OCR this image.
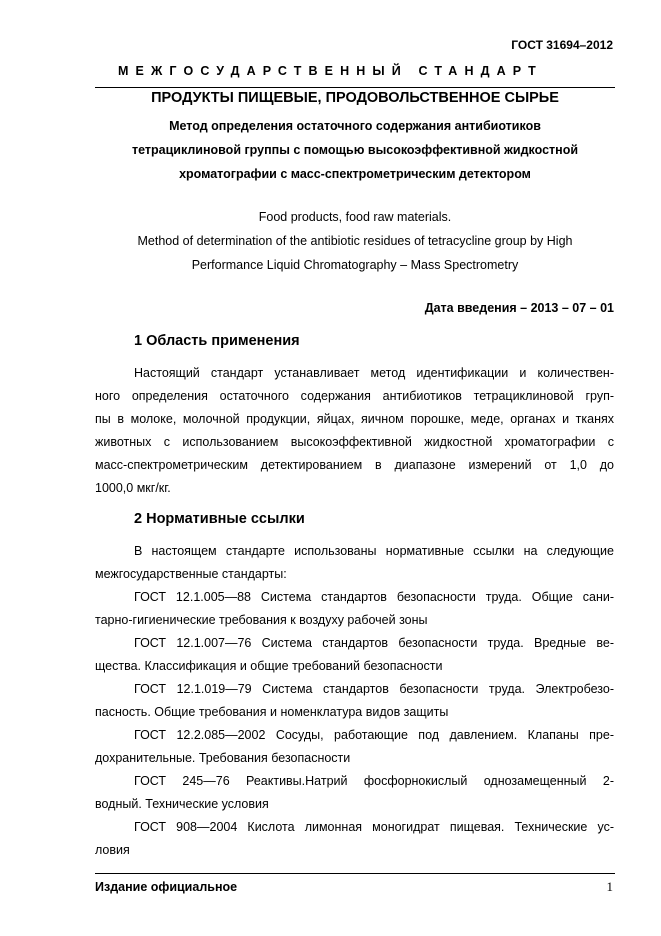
ГОСТ 31694–2012
МЕЖГОСУДАРСТВЕННЫЙ СТАНДАРТ
ПРОДУКТЫ ПИЩЕВЫЕ, ПРОДОВОЛЬСТВЕННОЕ СЫРЬЕ
Метод определения остаточного содержания антибиотиков
тетрациклиновой группы с помощью высокоэффективной жидкостной
хроматографии с масс-спектрометрическим детектором
Food products, food raw materials.
Method of determination of the antibiotic residues of tetracycline group by High
Performance Liquid Chromatography – Mass Spectrometry
Дата введения – 2013 – 07 – 01
1 Область применения
Настоящий стандарт устанавливает метод идентификации и количествен-
ного определения остаточного содержания антибиотиков тетрациклиновой груп-
пы в молоке, молочной продукции, яйцах, яичном порошке, меде, органах и тканях
животных с использованием высокоэффективной жидкостной хроматографии с
масс-спектрометрическим детектированием в диапазоне измерений от 1,0 до
1000,0 мкг/кг.
2 Нормативные ссылки
В настоящем стандарте использованы нормативные ссылки на следующие
межгосударственные стандарты:
ГОСТ 12.1.005—88 Система стандартов безопасности труда. Общие сани-
тарно-гигиенические требования к воздуху рабочей зоны
ГОСТ 12.1.007—76 Система стандартов безопасности труда. Вредные ве-
щества. Классификация и общие требований безопасности
ГОСТ 12.1.019—79 Система стандартов безопасности труда. Электробезо-
пасность. Общие требования и номенклатура видов защиты
ГОСТ 12.2.085—2002 Сосуды, работающие под давлением. Клапаны пре-
дохранительные. Требования безопасности
ГОСТ 245—76 Реактивы.Натрий фосфорнокислый однозамещенный 2-
водный. Технические условия
ГОСТ 908—2004 Кислота лимонная моногидрат пищевая. Технические ус-
ловия
Издание официальное	1
